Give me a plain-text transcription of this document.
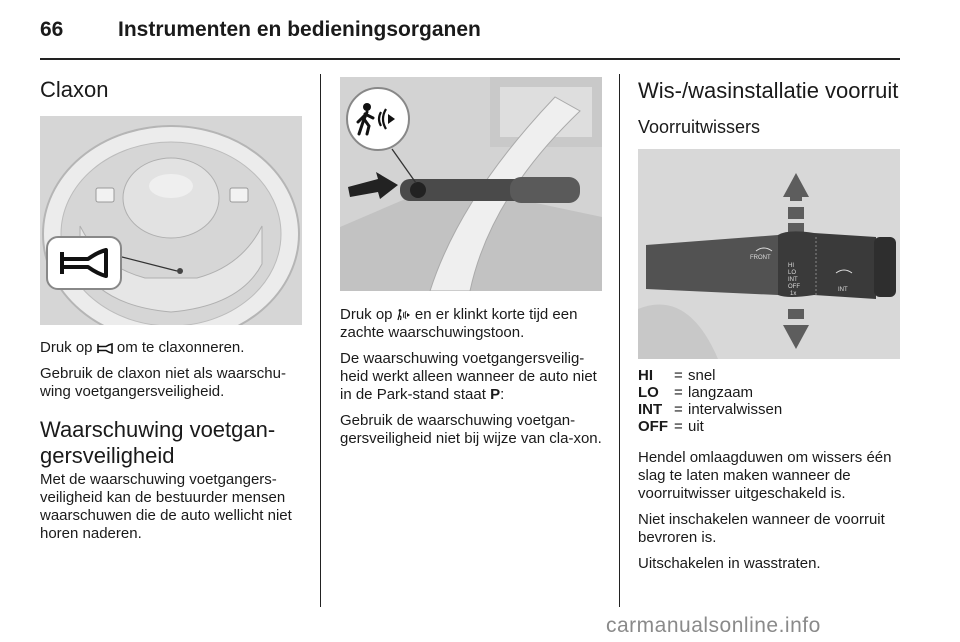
66	Instrumenten en bedieningsorganen
Claxon

Druk op  om te claxonneren.

Gebruik de claxon niet als waarschu-wing voetgangersveiligheid.

Waarschuwing voetgan-gersveiligheid

Met de waarschuwing voetgangers-veiligheid kan de bestuurder mensen waarschuwen die de auto wellicht niet horen naderen.

Druk op  en er klinkt korte tijd een zachte waarschuwingstoon.

De waarschuwing voetgangersveilig-heid werkt alleen wanneer de auto niet in de Park-stand staat P:

Gebruik de waarschuwing voetgan-gersveiligheid niet bij wijze van cla-xon.

Wis-/wasinstallatie voorruit
Voorruitwissers
FRONT
HI
LO
INT
OFF
1x
INT
HI	=	snel
LO	=	langzaam
INT	=	intervalwissen
OFF	=	uit

Hendel omlaagduwen om wissers één slag te laten maken wanneer de voorruitwisser uitgeschakeld is.

Niet inschakelen wanneer de voorruit bevroren is.

Uitschakelen in wasstraten.

carmanualsonline.info
